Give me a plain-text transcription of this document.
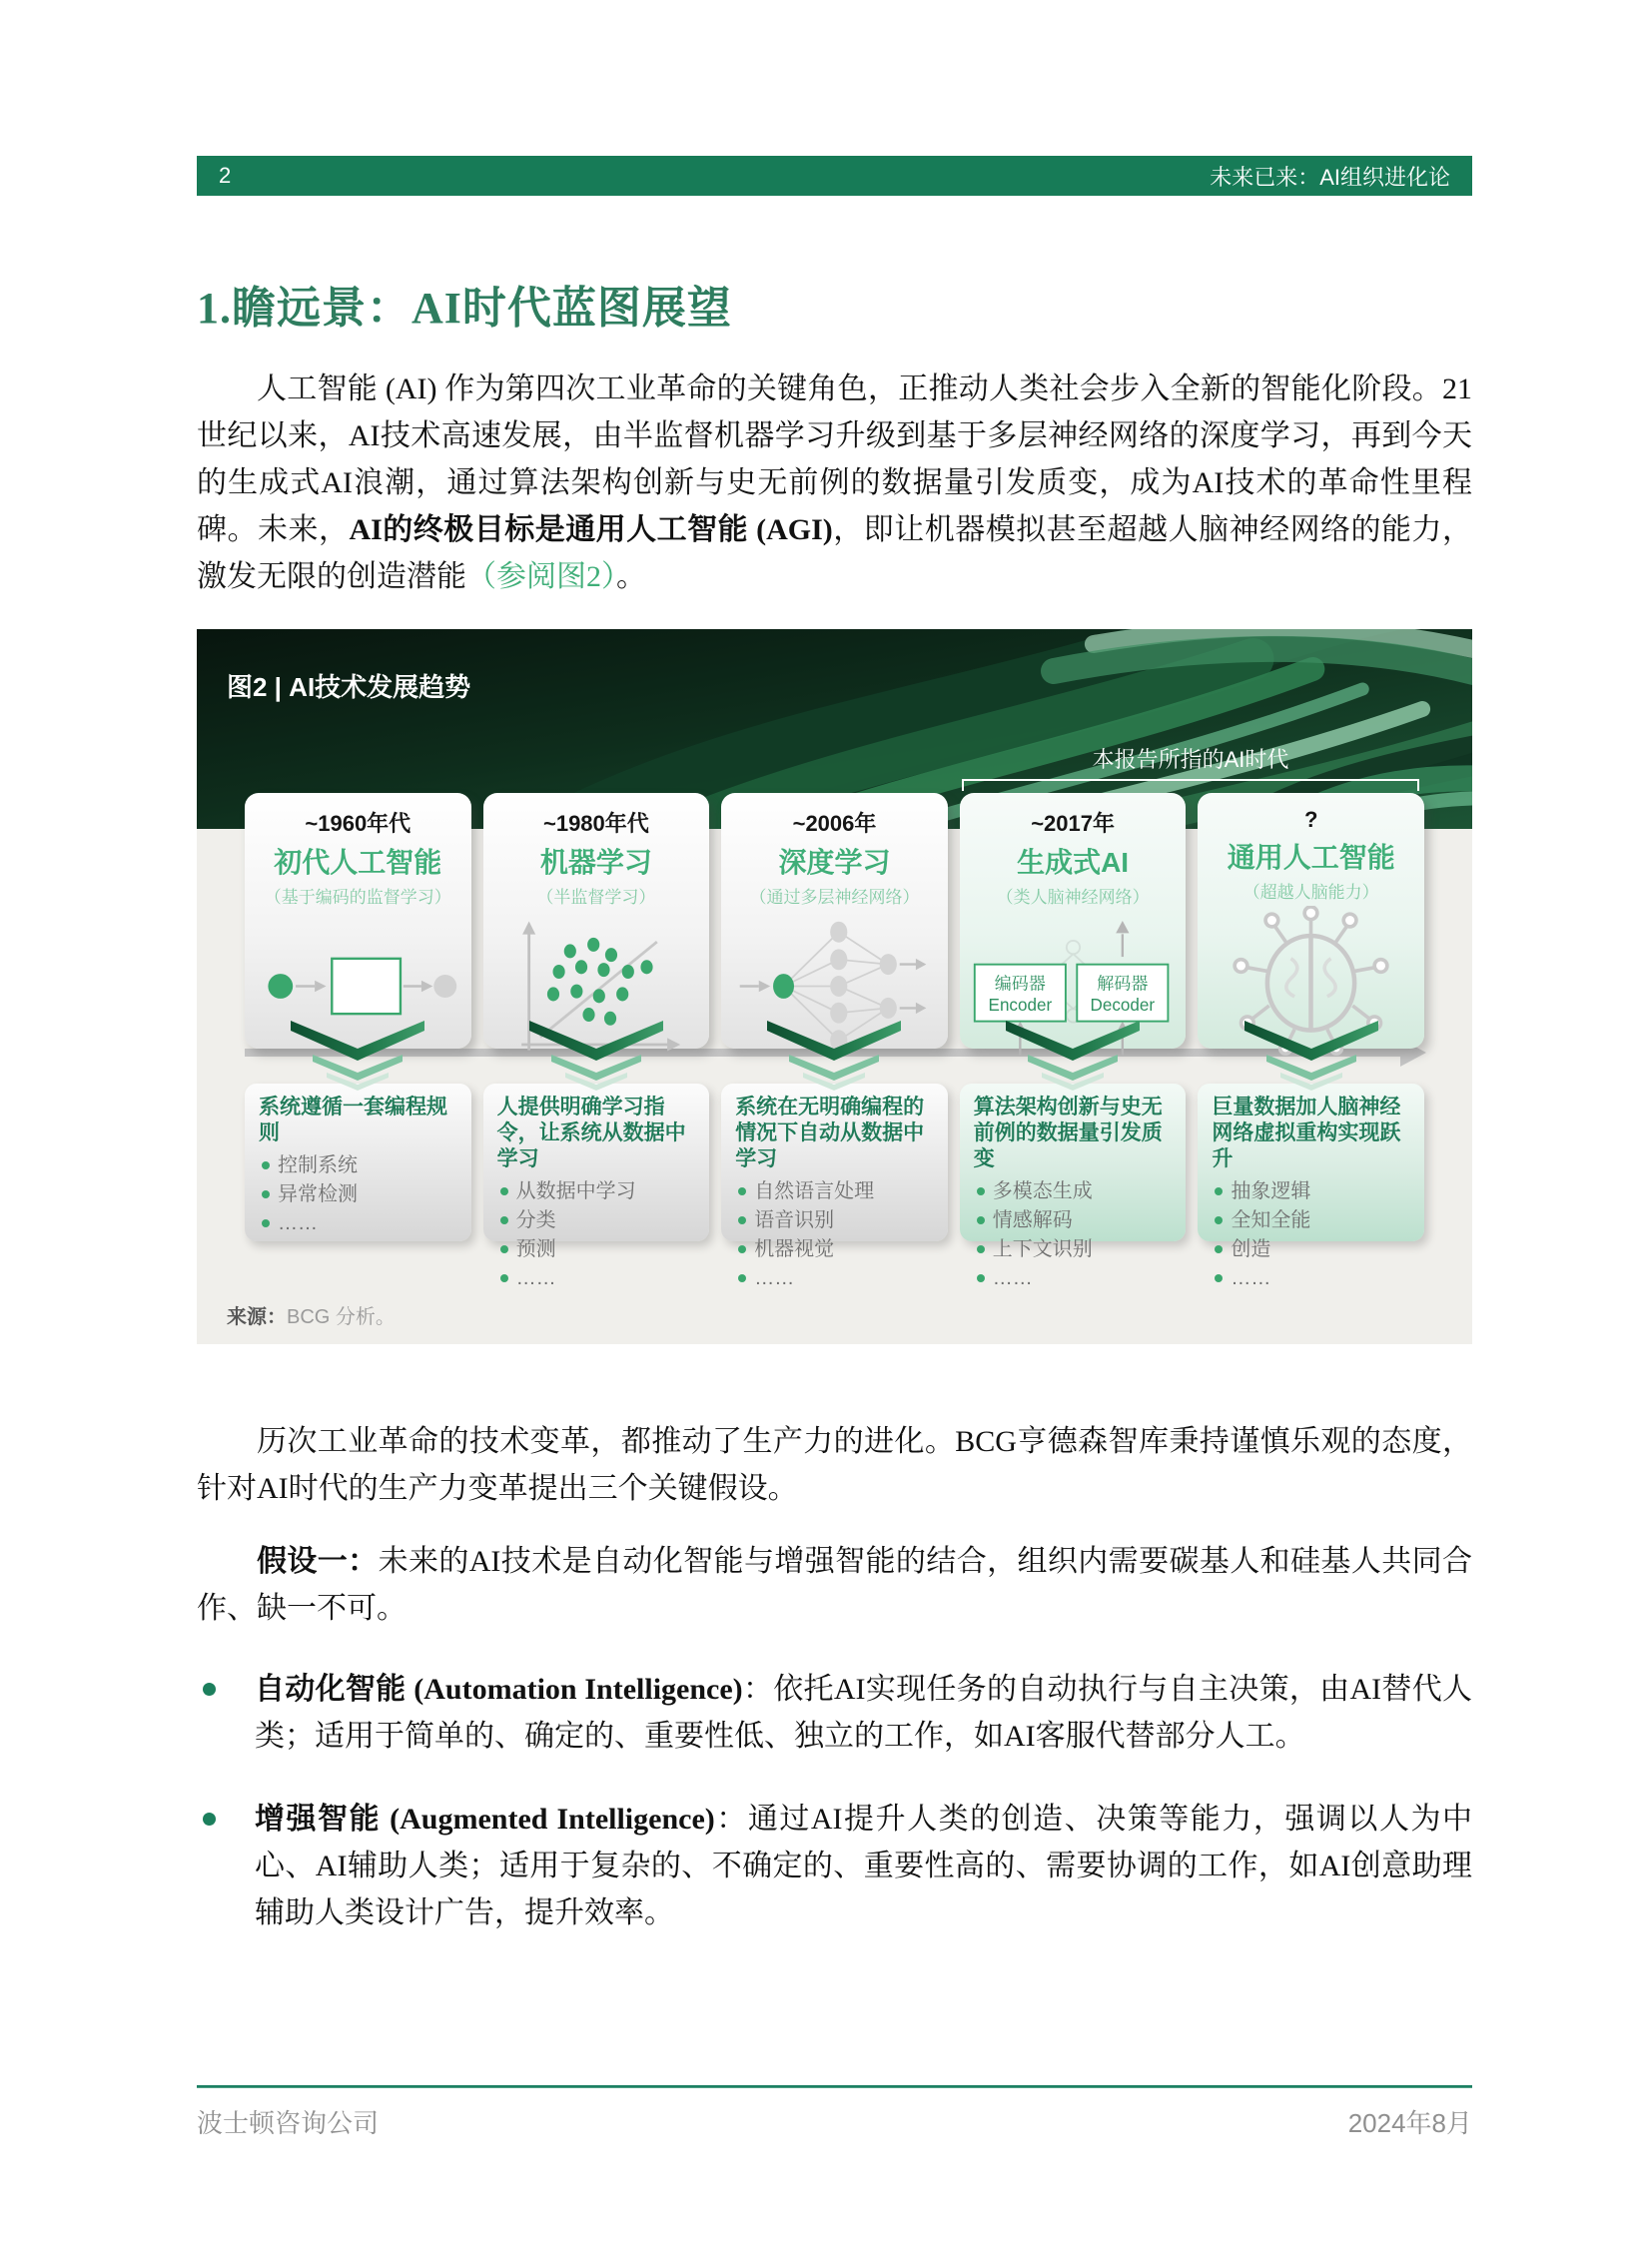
2	未来已来：AI组织进化论
1.瞻远景：AI时代蓝图展望

人工智能 (AI) 作为第四次工业革命的关键角色，正推动人类社会步入全新的智能化阶段。21世纪以来，AI技术高速发展，由半监督机器学习升级到基于多层神经网络的深度学习，再到今天的生成式AI浪潮，通过算法架构创新与史无前例的数据量引发质变，成为AI技术的革命性里程碑。未来，AI的终极目标是通用人工智能 (AGI)，即让机器模拟甚至超越人脑神经网络的能力，激发无限的创造潜能（参阅图2）。

图2 | AI技术发展趋势
本报告所指的AI时代
~1960年代
初代人工智能
（基于编码的监督学习）
系统遵循一套编程规则
控制系统
异常检测
……
~1980年代
机器学习
（半监督学习）
人提供明确学习指令，让系统从数据中学习
从数据中学习
分类
预测
……
~2006年
深度学习
（通过多层神经网络）
系统在无明确编程的情况下自动从数据中学习
自然语言处理
语音识别
机器视觉
……
~2017年
生成式AI
（类人脑神经网络）
编码器
Encoder
解码器
Decoder
算法架构创新与史无前例的数据量引发质变
多模态生成
情感解码
上下文识别
……
?
通用人工智能
（超越人脑能力）
巨量数据加人脑神经网络虚拟重构实现跃升
抽象逻辑
全知全能
创造
……
来源：BCG 分析。

历次工业革命的技术变革，都推动了生产力的进化。BCG亨德森智库秉持谨慎乐观的态度，针对AI时代的生产力变革提出三个关键假设。

假设一：未来的AI技术是自动化智能与增强智能的结合，组织内需要碳基人和硅基人共同合作、缺一不可。

自动化智能 (Automation Intelligence)：依托AI实现任务的自动执行与自主决策，由AI替代人类；适用于简单的、确定的、重要性低、独立的工作，如AI客服代替部分人工。
增强智能 (Augmented Intelligence)：通过AI提升人类的创造、决策等能力，强调以人为中心、AI辅助人类；适用于复杂的、不确定的、重要性高的、需要协调的工作，如AI创意助理辅助人类设计广告，提升效率。
波士顿咨询公司	2024年8月
